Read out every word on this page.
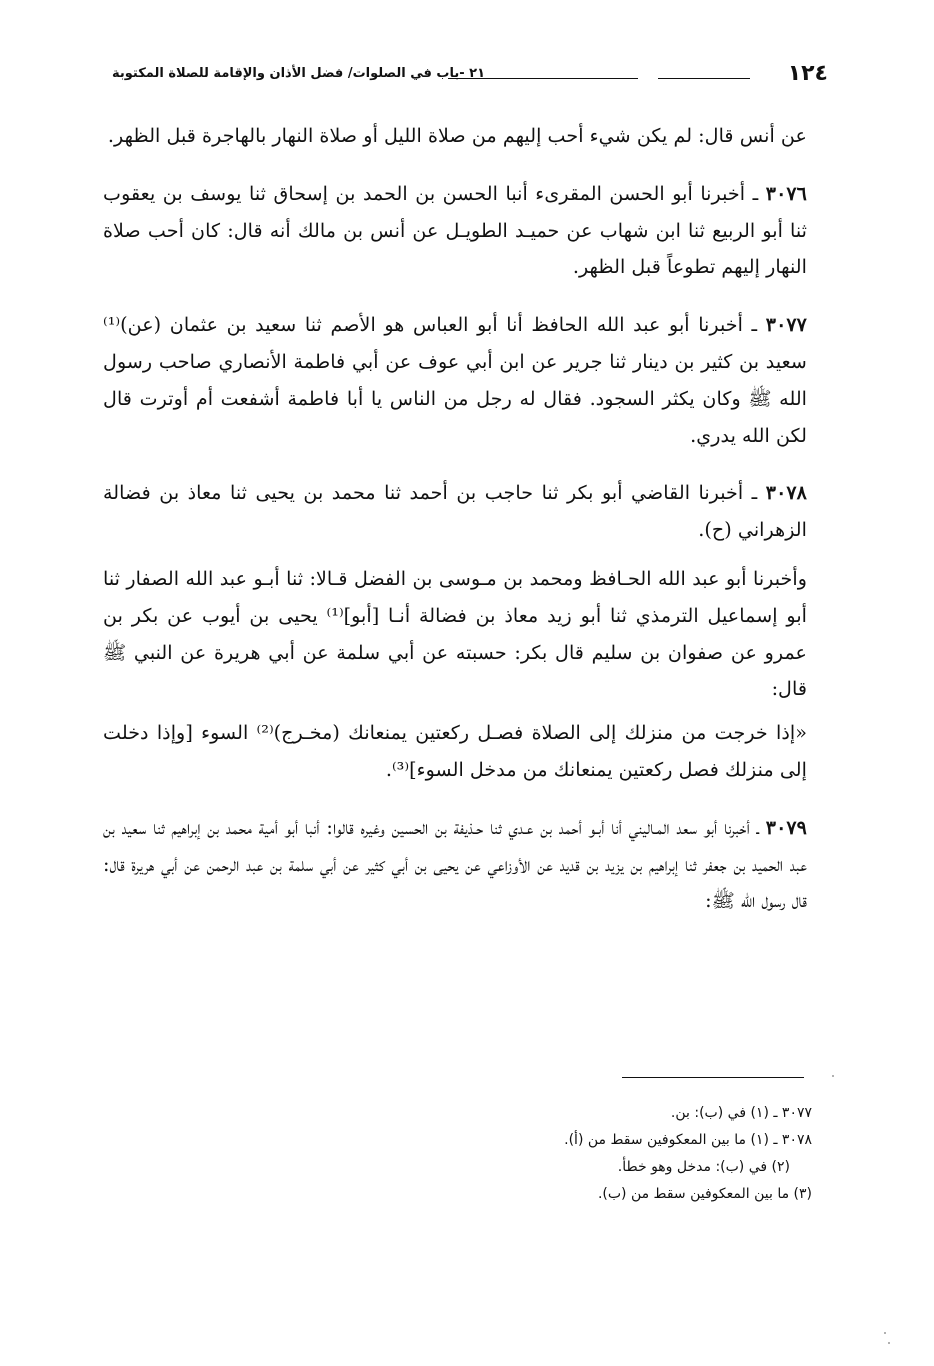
١٢٤
٢١ -باب في الصلوات/ فضل الأذان والإقامة للصلاة المكتوبة

عن أنس قال: لم يكن شيء أحب إليهم من صلاة الليل أو صلاة النهار بالهاجرة قبل الظهر.

٣٠٧٦ ـ أخبرنا أبو الحسن المقرىء أنبا الحسن بن الحمد بن إسحاق ثنا يوسف بن يعقوب ثنا أبو الربيع ثنا ابن شهاب عن حميـد الطويـل عن أنس بن مالك أنه قال: كان أحب صلاة النهار إليهم تطوعاً قبل الظهر.

٣٠٧٧ ـ أخبرنا أبو عبد الله الحافظ أنا أبو العباس هو الأصم ثنا سعيد بن عثمان (عن)⁽¹⁾ سعيد بن كثير بن دينار ثنا جرير عن ابن أبي عوف عن أبي فاطمة الأنصاري صاحب رسول الله ﷺ وكان يكثر السجود. فقال له رجل من الناس يا أبا فاطمة أشفعت أم أوترت قال لكن الله يدري.

٣٠٧٨ ـ أخبرنا القاضي أبو بكر ثنا حاجب بن أحمد ثنا محمد بن يحيى ثنا معاذ بن فضالة الزهراني (ح).

وأخبرنا أبو عبد الله الحـافظ ومحمد بن مـوسى بن الفضل قـالا: ثنا أبـو عبد الله الصفار ثنا أبو إسماعيل الترمذي ثنا أبو زيد معاذ بن فضالة أنـا [أبو]⁽¹⁾ يحيى بن أيوب عن بكر بن عمرو عن صفوان بن سليم قال بكر: حسبته عن أبي سلمة عن أبي هريرة عن النبي ﷺ قال:

«إذا خرجت من منزلك إلى الصلاة فصـل ركعتين يمنعانك (مخـرج)⁽²⁾ السوء [وإذا دخلت إلى منزلك فصل ركعتين يمنعانك من مدخل السوء]⁽³⁾.

٣٠٧٩ ـ أخبرنا أبو سعد المـاليني أنا أبـو أحمد بن عـدي ثنا حـذيفة بن الحسين وغيره قالوا: أنبا أبو أمية محمد بن إبراهيم ثنا سعيد بن عبد الحميد بن جعفر ثنا إبراهيم بن يزيد بن قديد عن الأوزاعي عن يحيى بن أبي كثير عن أبي سلمة بن عبد الرحمن عن أبي هريرة قال: قال رسول الله ﷺ:

٣٠٧٧ ـ (١) في (ب): بن.

٣٠٧٨ ـ (١) ما بين المعكوفين سقط من (أ).

(٢) في (ب): مدخل وهو خطأ.

(٣) ما بين المعكوفين سقط من (ب).
